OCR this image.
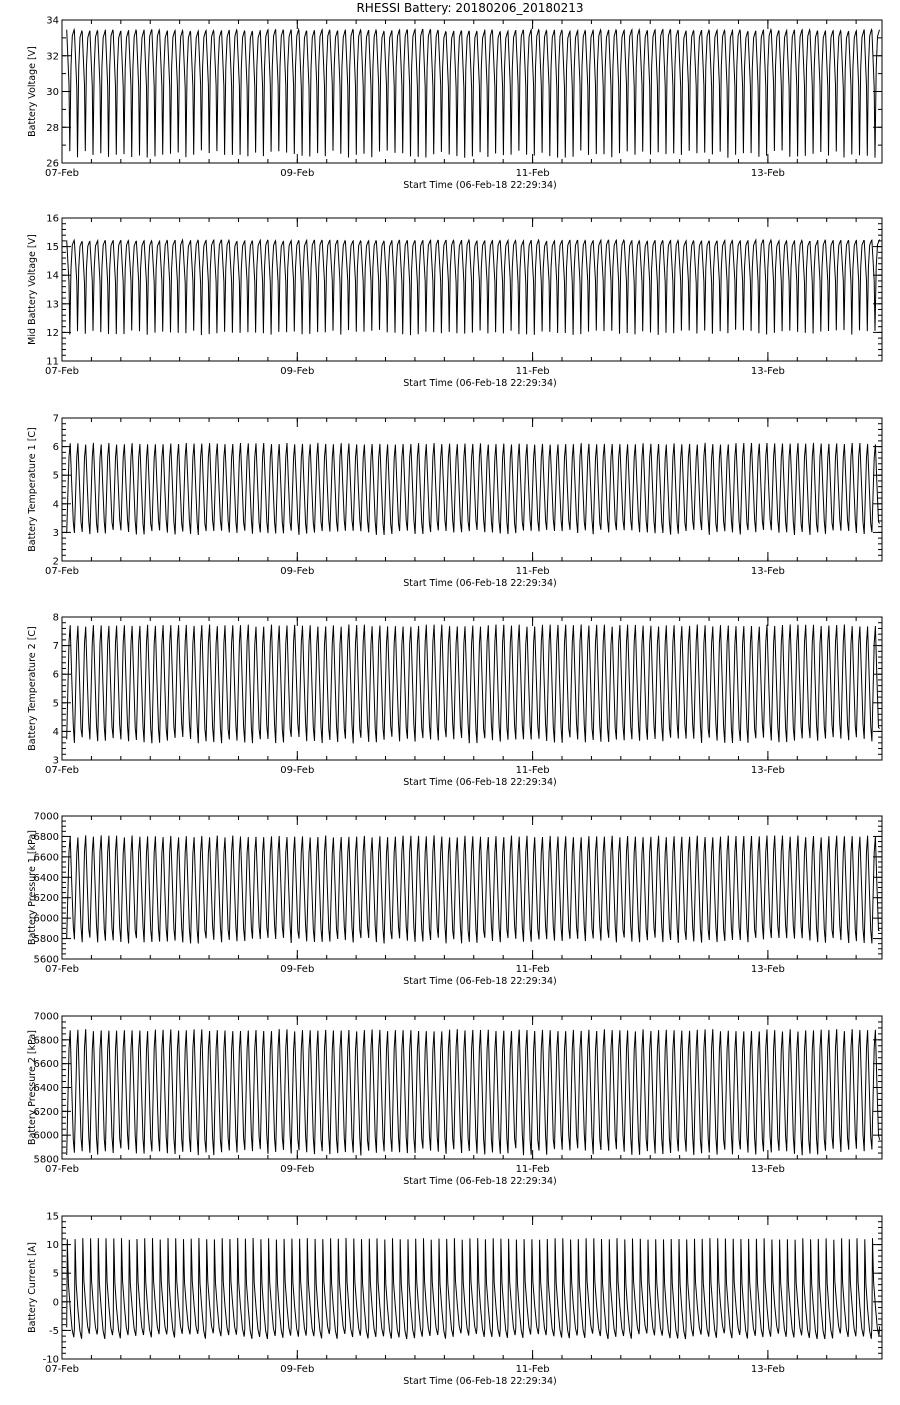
RHESSI Battery: 20180206_20180213
26
28
30
32
34
07-Feb	09-Feb	11-Feb	13-Feb
Start Time (06-Feb-18 22:29:34)
Battery Voltage [V]
11
12
13
14
15
16
07-Feb	09-Feb	11-Feb	13-Feb
Start Time (06-Feb-18 22:29:34)
Mid Battery Voltage [V]
2
3
4
5
6
7
07-Feb	09-Feb	11-Feb	13-Feb
Start Time (06-Feb-18 22:29:34)
Battery Temperature 1 [C]
3
4
5
6
7
8
07-Feb	09-Feb	11-Feb	13-Feb
Start Time (06-Feb-18 22:29:34)
Battery Temperature 2 [C]
5600
5800
6000
6200
6400
6600
6800
7000
07-Feb	09-Feb	11-Feb	13-Feb
Start Time (06-Feb-18 22:29:34)
Battery Pressure 1 [kPa]
5800
6000
6200
6400
6600
6800
7000
07-Feb	09-Feb	11-Feb	13-Feb
Start Time (06-Feb-18 22:29:34)
Battery Pressure 2 [kPa]
-10
-5
0
5
10
15
07-Feb	09-Feb	11-Feb	13-Feb
Start Time (06-Feb-18 22:29:34)
Battery Current [A]
